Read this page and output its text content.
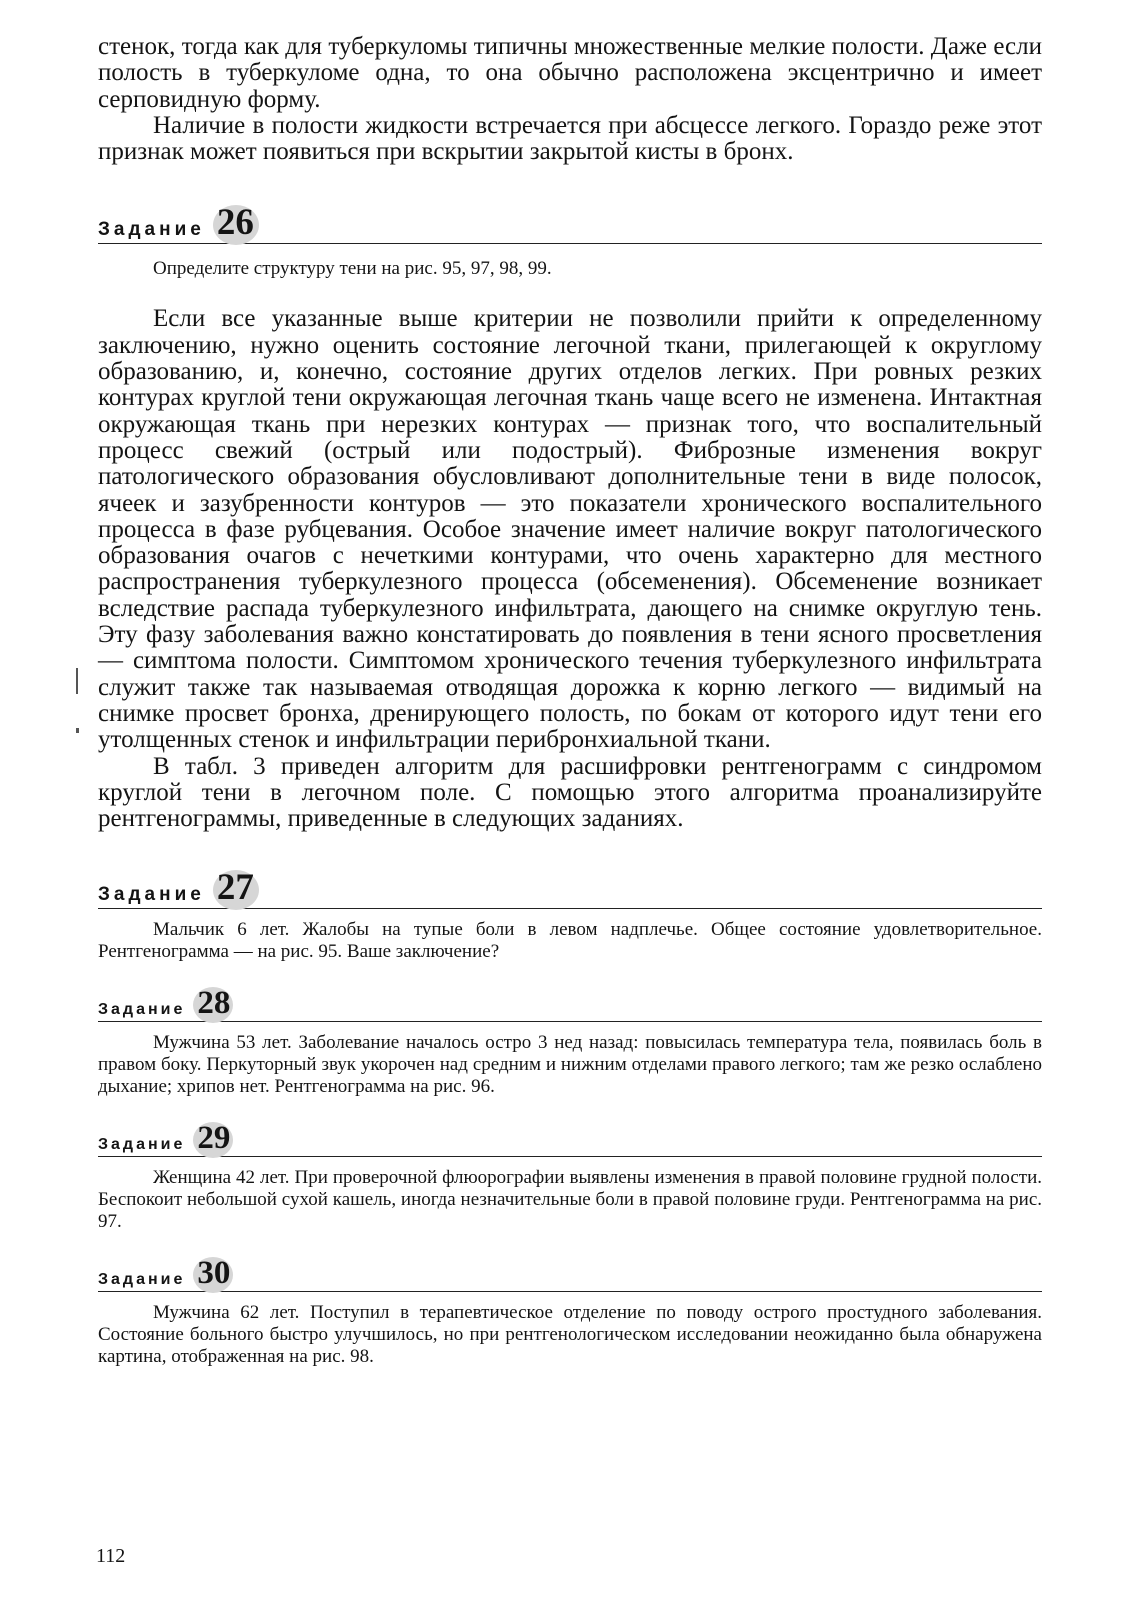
стенок, тогда как для туберкуломы типичны множественные мелкие полости. Даже если полость в туберкуломе одна, то она обычно расположена эксцентрично и имеет серповидную форму.

Наличие в полости жидкости встречается при абсцессе легкого. Гораздо реже этот признак может появиться при вскрытии закрытой кисты в бронх.

Задание 26

Определите структуру тени на рис. 95, 97, 98, 99.

Если все указанные выше критерии не позволили прийти к определенному заключению, нужно оценить состояние легочной ткани, прилегающей к округлому образованию, и, конечно, состояние других отделов легких. При ровных резких контурах круглой тени окружающая легочная ткань чаще всего не изменена. Интактная окружающая ткань при нерезких контурах — признак того, что воспалительный процесс свежий (острый или подострый). Фиброзные изменения вокруг патологического образования обусловливают дополнительные тени в виде полосок, ячеек и зазубренности контуров — это показатели хронического воспалительного процесса в фазе рубцевания. Особое значение имеет наличие вокруг патологического образования очагов с нечеткими контурами, что очень характерно для местного распространения туберкулезного процесса (обсеменения). Обсеменение возникает вследствие распада туберкулезного инфильтрата, дающего на снимке округлую тень. Эту фазу заболевания важно констатировать до появления в тени ясного просветления — симптома полости. Симптомом хронического течения туберкулезного инфильтрата служит также так называемая отводящая дорожка к корню легкого — видимый на снимке просвет бронха, дренирующего полость, по бокам от которого идут тени его утолщенных стенок и инфильтрации перибронхиальной ткани.

В табл. 3 приведен алгоритм для расшифровки рентгенограмм с синдромом круглой тени в легочном поле. С помощью этого алгоритма проанализируйте рентгенограммы, приведенные в следующих заданиях.

Задание 27

Мальчик 6 лет. Жалобы на тупые боли в левом надплечье. Общее состояние удовлетворительное. Рентгенограмма — на рис. 95. Ваше заключение?

Задание 28

Мужчина 53 лет. Заболевание началось остро 3 нед назад: повысилась температура тела, появилась боль в правом боку. Перкуторный звук укорочен над средним и нижним отделами правого легкого; там же резко ослаблено дыхание; хрипов нет. Рентгенограмма на рис. 96.

Задание 29

Женщина 42 лет. При проверочной флюорографии выявлены изменения в правой половине грудной полости. Беспокоит небольшой сухой кашель, иногда незначительные боли в правой половине груди. Рентгенограмма на рис. 97.

Задание 30

Мужчина 62 лет. Поступил в терапевтическое отделение по поводу острого простудного заболевания. Состояние больного быстро улучшилось, но при рентгенологическом исследовании неожиданно была обнаружена картина, отображенная на рис. 98.

112
